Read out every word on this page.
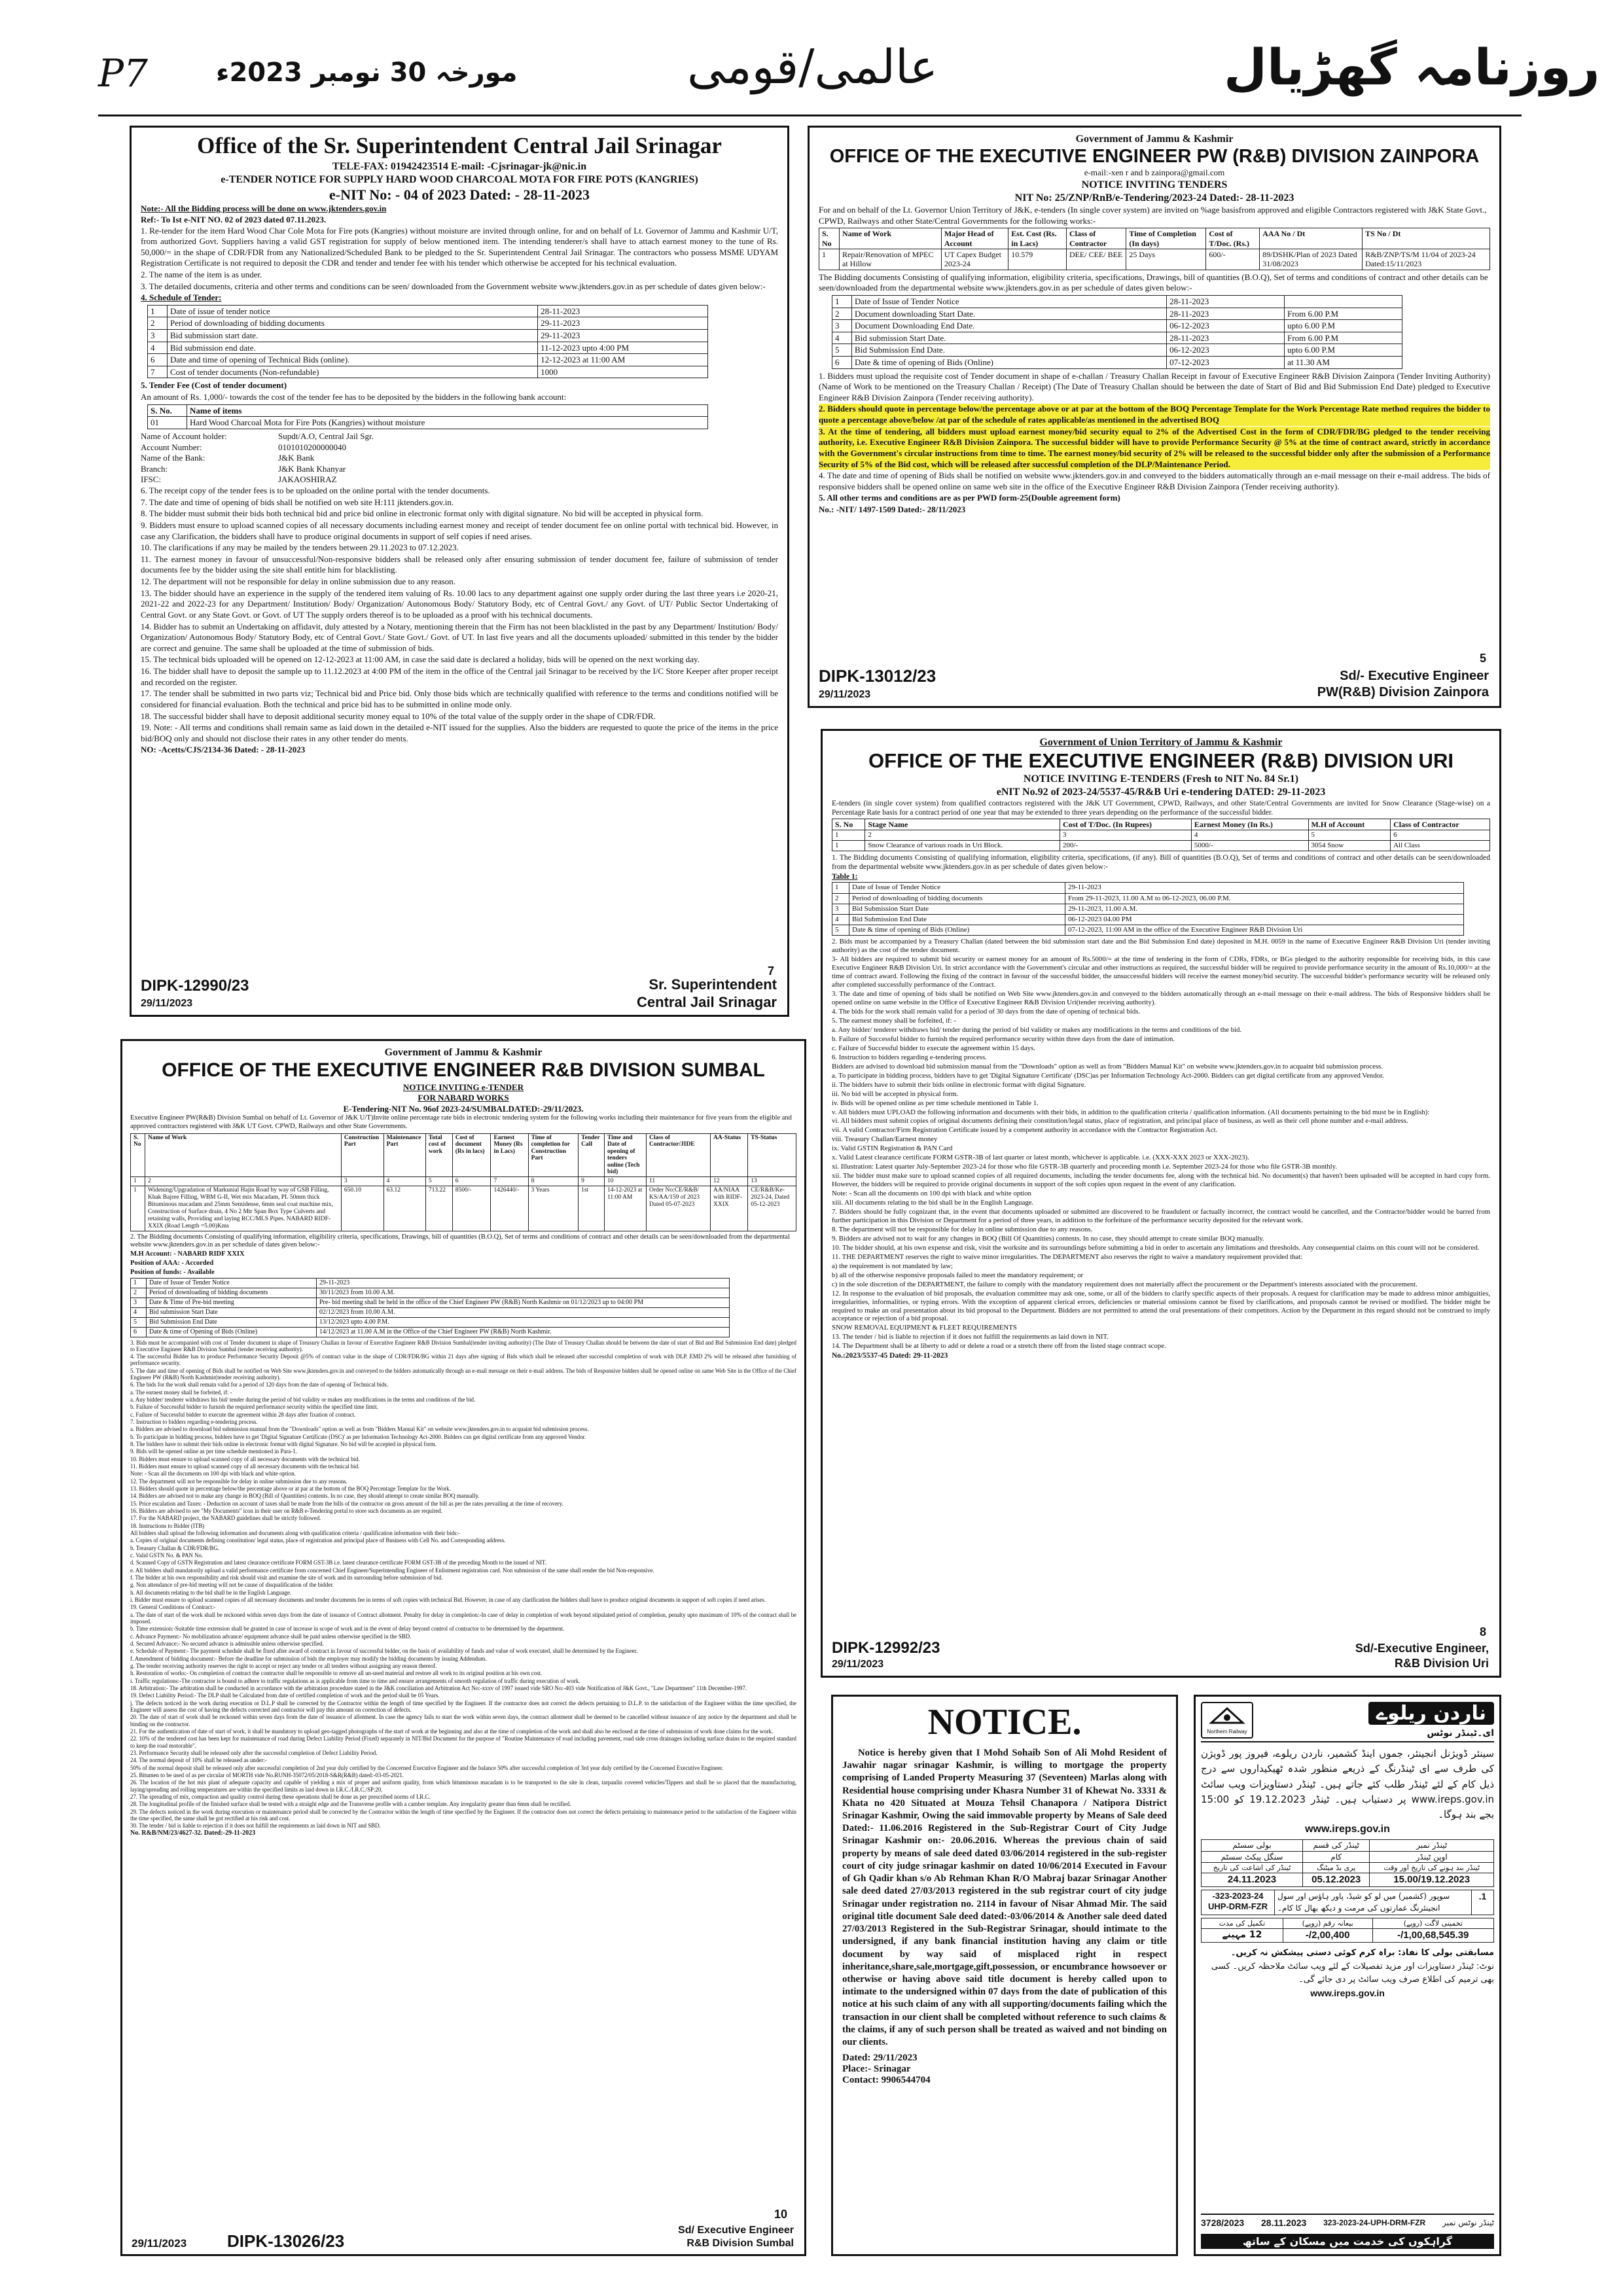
P7	مورخہ 30 نومبر 2023ء	عالمی/قومی	روزنامہ گھڑیال
Office of the Sr. Superintendent Central Jail Srinagar
TELE-FAX: 01942423514 E-mail: -Cjsrinagar-jk@nic.in
e-TENDER NOTICE FOR SUPPLY HARD WOOD CHARCOAL MOTA FOR FIRE POTS (KANGRIES)
e-NIT No: - 04 of 2023 Dated: - 28-11-2023
Note:- All the Bidding process will be done on www.jktenders.gov.in
Ref:- To Ist e-NIT NO. 02 of 2023 dated 07.11.2023.

1. Re-tender for the item Hard Wood Char Cole Mota for Fire pots (Kangries) without moisture are invited through online, for and on behalf of Lt. Governor of Jammu and Kashmir U/T, from authorized Govt. Suppliers having a valid GST registration for supply of below mentioned item. The intending tenderer/s shall have to attach earnest money to the tune of Rs. 50,000/= in the shape of CDR/FDR from any Nationalized/Scheduled Bank to be pledged to the Sr. Superintendent Central Jail Srinagar. The contractors who possess MSME UDYAM Registration Certificate is not required to deposit the CDR and tender and tender fee with his tender which otherwise be accepted for his technical evaluation.

2. The name of the item is as under.

3. The detailed documents, criteria and other terms and conditions can be seen/ downloaded from the Government website www.jktenders.gov.in as per schedule of dates given below:-

4. Schedule of Tender:

1	Date of issue of tender notice	28-11-2023
2	Period of downloading of bidding documents	29-11-2023
3	Bid submission start date.	29-11-2023
4	Bid submission end date.	11-12-2023 upto 4:00 PM
6	Date and time of opening of Technical Bids (online).	12-12-2023 at 11:00 AM
7	Cost of tender documents (Non-refundable)	1000

5. Tender Fee (Cost of tender document)

An amount of Rs. 1,000/- towards the cost of the tender fee has to be deposited by the bidders in the following bank account:

S. No.	Name of items
01	Hard Wood Charcoal Mota for Fire Pots (Kangries) without moisture
Name of Account holder:	Supdt/A.O, Central Jail Sgr.
Account Number:	0101010200000040
Name of the Bank:	J&K Bank
Branch:	J&K Bank Khanyar
IFSC:	JAKAOSHIRAZ

6. The receipt copy of the tender fees is to be uploaded on the online portal with the tender documents.

7. The date and time of opening of bids shall be notified on web site H:111 jktenders.gov.in.

8. The bidder must submit their bids both technical bid and price bid online in electronic format only with digital signature. No bid will be accepted in physical form.

9. Bidders must ensure to upload scanned copies of all necessary documents including earnest money and receipt of tender document fee on online portal with technical bid. However, in case any Clarification, the bidders shall have to produce original documents in support of self copies if need arises.

10. The clarifications if any may be mailed by the tenders between 29.11.2023 to 07.12.2023.

11. The earnest money in favour of unsuccessful/Non-responsive bidders shall be released only after ensuring submission of tender document fee, failure of submission of tender documents fee by the bidder using the site shall entitle him for blacklisting.

12. The department will not be responsible for delay in online submission due to any reason.

13. The bidder should have an experience in the supply of the tendered item valuing of Rs. 10.00 lacs to any department against one supply order during the last three years i.e 2020-21, 2021-22 and 2022-23 for any Department/ Institution/ Body/ Organization/ Autonomous Body/ Statutory Body, etc of Central Govt./ any Govt. of UT/ Public Sector Undertaking of Central Govt. or any State Govt. or Govt. of UT The supply orders thereof is to be uploaded as a proof with his technical documents.

14. Bidder has to submit an Undertaking on affidavit, duly attested by a Notary, mentioning therein that the Firm has not been blacklisted in the past by any Department/ Institution/ Body/ Organization/ Autonomous Body/ Statutory Body, etc of Central Govt./ State Govt./ Govt. of UT. In last five years and all the documents uploaded/ submitted in this tender by the bidder are correct and genuine. The same shall be uploaded at the time of submission of bids.

15. The technical bids uploaded will be opened on 12-12-2023 at 11:00 AM, in case the said date is declared a holiday, bids will be opened on the next working day.

16. The bidder shall have to deposit the sample up to 11.12.2023 at 4:00 PM of the item in the office of the Central jail Srinagar to be received by the I/C Store Keeper after proper receipt and recorded on the register.

17. The tender shall be submitted in two parts viz; Technical bid and Price bid. Only those bids which are technically qualified with reference to the terms and conditions notified will be considered for financial evaluation. Both the technical and price bid has to be submitted in online mode only.

18. The successful bidder shall have to deposit additional security money equal to 10% of the total value of the supply order in the shape of CDR/FDR.

19. Note: - All terms and conditions shall remain same as laid down in the detailed e-NIT issued for the supplies. Also the bidders are requested to quote the price of the items in the price bid/BOQ only and should not disclose their rates in any other tender do ments.

NO: -Acetts/CJS/2134-36 Dated: - 28-11-2023

7
DIPK-12990/23
29/11/2023
Sr. Superintendent
Central Jail Srinagar
Government of Jammu & Kashmir
OFFICE OF THE EXECUTIVE ENGINEER PW (R&B) DIVISION ZAINPORA
e-mail:-xen r and b zainpora@gmail.com
NOTICE INVITING TENDERS
NIT No: 25/ZNP/RnB/e-Tendering/2023-24 Dated:- 28-11-2023

For and on behalf of the Lt. Governor Union Territory of J&K, e-tenders (In single cover system) are invited on %age basisfrom approved and eligible Contractors registered with J&K State Govt., CPWD, Railways and other State/Central Governments for the following works:-

S. No	Name of Work	Major Head of Account	Est. Cost (Rs. in Lacs)	Class of Contractor	Time of Completion (In days)	Cost of T/Doc. (Rs.)	AAA No / Dt	TS No / Dt
1	Repair/Renovation of MPEC at Hillow	UT Capex Budget 2023-24	10.579	DEE/ CEE/ BEE	25 Days	600/-	89/DSHK/Plan of 2023 Dated 31/08/2023	R&B/ZNP/TS/M 11/04 of 2023-24 Dated:15/11/2023

The Bidding documents Consisting of qualifying information, eligibility criteria, specifications, Drawings, bill of quantities (B.O.Q), Set of terms and conditions of contract and other details can be seen/downloaded from the departmental website www.jktenders.gov.in as per schedule of dates given below:-

1	Date of Issue of Tender Notice	28-11-2023	
2	Document downloading Start Date.	28-11-2023	From 6.00 P.M
3	Document Downloading End Date.	06-12-2023	upto 6.00 P.M
4	Bid submission Start Date.	28-11-2023	From 6.00 P.M
5	Bid Submission End Date.	06-12-2023	upto 6.00 P.M
6	Date & time of opening of Bids (Online)	07-12-2023	at 11.30 AM

1. Bidders must upload the requisite cost of Tender document in shape of e-challan / Treasury Challan Receipt in favour of Executive Engineer R&B Division Zainpora (Tender Inviting Authority) (Name of Work to be mentioned on the Treasury Challan / Receipt) (The Date of Treasury Challan should be between the date of Start of Bid and Bid Submission End Date) pledged to Executive Engineer R&B Division Zainpora (Tender receiving authority).

2. Bidders should quote in percentage below/the percentage above or at par at the bottom of the BOQ Percentage Template for the Work Percentage Rate method requires the bidder to quote a percentage above/below /at par of the schedule of rates applicable/as mentioned in the advertised BOQ

3. At the time of tendering, all bidders must upload earnest money/bid security equal to 2% of the Advertised Cost in the form of CDR/FDR/BG pledged to the tender receiving authority, i.e. Executive Engineer R&B Division Zainpora. The successful bidder will have to provide Performance Security @ 5% at the time of contract award, strictly in accordance with the Government's circular instructions from time to time. The earnest money/bid security of 2% will be released to the successful bidder only after the submission of a Performance Security of 5% of the Bid cost, which will be released after successful completion of the DLP/Maintenance Period.

4. The date and time of opening of Bids shall be notified on website www.jktenders.gov.in and conveyed to the bidders automatically through an e-mail message on their e-mail address. The bids of responsive bidders shall be opened online on same web site in the office of the Executive Engineer R&B Division Zainpora (Tender receiving authority).

5. All other terms and conditions are as per PWD form-25(Double agreement form)

No.: -NIT/ 1497-1509 Dated:- 28/11/2023

5
DIPK-13012/23
29/11/2023
Sd/- Executive Engineer
PW(R&B) Division Zainpora
Government of Union Territory of Jammu & Kashmir
OFFICE OF THE EXECUTIVE ENGINEER (R&B) DIVISION URI
NOTICE INVITING E-TENDERS (Fresh to NIT No. 84 Sr.1)
eNIT No.92 of 2023-24/5537-45/R&B Uri e-tendering DATED: 29-11-2023

E-tenders (in single cover system) from qualified contractors registered with the J&K UT Government, CPWD, Railways, and other State/Central Governments are invited for Snow Clearance (Stage-wise) on a Percentage Rate basis for a contract period of one year that may be extended to three years depending on the performance of the successful bidder.

S. No	Stage Name	Cost of T/Doc. (In Rupees)	Earnest Money (In Rs.)	M.H of Account	Class of Contractor
1	2	3	4	5	6
1	Snow Clearance of various roads in Uri Block.	200/-	5000/-	3054 Snow	All Class

1. The Bidding documents Consisting of qualifying information, eligibility criteria, specifications, (if any). Bill of quantities (B.O.Q), Set of terms and conditions of contract and other details can be seen/downloaded from the departmental website www.jktenders.gov.in as per schedule of dates given below:-

Table 1:

1	Date of Issue of Tender Notice	29-11-2023
2	Period of downloading of bidding documents	From 29-11-2023, 11.00 A.M to 06-12-2023, 06.00 P.M.
3	Bid Submission Start Date	29-11-2023, 11.00 A.M.
4	Bid Submission End Date	06-12-2023 04.00 PM
5	Date & time of opening of Bids (Online)	07-12-2023, 11:00 AM in the office of the Executive Engineer R&B Division Uri

2. Bids must be accompanied by a Treasury Challan (dated between the bid submission start date and the Bid Submission End date) deposited in M.H. 0059 in the name of Executive Engineer R&B Division Uri (tender inviting authority) as the cost of the tender document.

3- All bidders are required to submit bid security or earnest money for an amount of Rs.5000/= at the time of tendering in the form of CDRs, FDRs, or BGs pledged to the authority responsible for receiving bids, in this case Executive Engineer R&B Division Uri. In strict accordance with the Government's circular and other instructions as required, the successful bidder will be required to provide performance security in the amount of Rs.10,000/= at the time of contract award. Following the fixing of the contract in favour of the successful bidder, the unsuccessful bidders will receive the earnest money/bid security. The successful bidder's performance security will be released only after completed successfully performance of the Contract.

3. The date and time of opening of bids shall be notified on Web Site www.jktenders.gov.in and conveyed to the bidders automatically through an e-mail message on their e-mail address. The bids of Responsive bidders shall be opened online on same website in the Office of Executive Engineer R&B Division Uri(tender receiving authority).

4. The bids for the work shall remain valid for a period of 30 days from the date of opening of technical bids.

5. The earnest money shall be forfeited, if: -

a. Any bidder/ tenderer withdraws bid/ tender during the period of bid validity or makes any modifications in the terms and conditions of the bid.

b. Failure of Successful bidder to furnish the required performance security within three days from the date of intimation.

c. Failure of Successful bidder to execute the agreement within 15 days.

6. Instruction to bidders regarding e-tendering process.

Bidders are advised to download bid submission manual from the "Downloads" option as well as from "Bidders Manual Kit" on website www.jktenders.gov.in to acquaint bid submission process.

a. To participate in bidding process, bidders have to get 'Digital Signature Certificate' (DSC)as per Information Technology Act-2000. Bidders can get digital certificate from any approved Vendor.

ii. The bidders have to submit their bids online in electronic format with digital Signature.

iii. No bid will be accepted in physical form.

iv. Bids will be opened online as per time schedule mentioned in Table 1.

v. All bidders must UPLOAD the following information and documents with their bids, in addition to the qualification criteria / qualification information. (All documents pertaining to the bid must be in English):

vi. All bidders must submit copies of original documents defining their constitution/legal status, place of registration, and principal place of business, as well as their cell phone number and e-mail address.

vii. A valid Contractor/Firm Registration Certificate issued by a competent authority in accordance with the Contractor Registration Act.

viii. Treasury Challan/Earnest money

ix. Valid GSTIN Registration & PAN Card

x. Valid Latest clearance certificate FORM GSTR-3B of last quarter or latest month, whichever is applicable. i.e. (XXX-XXX 2023 or XXX-2023).

xi. Illustration: Latest quarter July-September 2023-24 for those who file GSTR-3B quarterly and proceeding month i.e. September 2023-24 for those who file GSTR-3B monthly.

xii. The bidder must make sure to upload scanned copies of all required documents, including the tender documents fee, along with the technical bid. No document(s) that haven't been uploaded will be accepted in hard copy form. However, the bidders will be required to provide original documents in support of the soft copies upon request in the event of any clarification.

Note: - Scan all the documents on 100 dpi with black and white option

xiii. All documents relating to the bid shall be in the English Language.

7. Bidders should be fully cognizant that, in the event that documents uploaded or submitted are discovered to be fraudulent or factually incorrect, the contract would be cancelled, and the Contractor/bidder would be barred from further participation in this Division or Department for a period of three years, in addition to the forfeiture of the performance security deposited for the relevant work.

8. The department will not be responsible for delay in online submission due to any reasons.

9. Bidders are advised not to wait for any changes in BOQ (Bill Of Quantities) contents. In no case, they should attempt to create similar BOQ manually.

10. The bidder should, at his own expense and risk, visit the worksite and its surroundings before submitting a bid in order to ascertain any limitations and thresholds. Any consequential claims on this count will not be considered.

11. THE DEPARTMENT reserves the right to waive minor irregularities. The DEPARTMENT also reserves the right to waive a mandatory requirement provided that:

a) the requirement is not mandated by law;

b) all of the otherwise responsive proposals failed to meet the mandatory requirement; or

c) in the sole discretion of the DEPARTMENT, the failure to comply with the mandatory requirement does not materially affect the procurement or the Department's interests associated with the procurement.

12. In response to the evaluation of bid proposals, the evaluation committee may ask one, some, or all of the bidders to clarify specific aspects of their proposals. A request for clarification may be made to address minor ambiguities, irregularities, informalities, or typing errors. With the exception of apparent clerical errors, deficiencies or material omissions cannot be fixed by clarifications, and proposals cannot be revised or modified. The bidder might be required to make an oral presentation about its bid proposal to the Department. Bidders are not permitted to attend the oral presentations of their competitors. Action by the Department in this regard should not be construed to imply acceptance or rejection of a bid proposal.

SNOW REMOVAL EQUIPMENT & FLEET REQUIREMENTS

13. The tender / bid is liable to rejection if it does not fulfill the requirements as laid down in NIT.

14. The Department shall be at liberty to add or delete a road or a stretch there off from the listed stage contract scope.

No.:2023/5537-45 Dated: 29-11-2023

8
DIPK-12992/23
29/11/2023
Sd/-Executive Engineer,
R&B Division Uri
Government of Jammu & Kashmir
OFFICE OF THE EXECUTIVE ENGINEER R&B DIVISION SUMBAL
NOTICE INVITING e-TENDER
FOR NABARD WORKS
E-Tendering-NIT No. 96of 2023-24/SUMBALDATED:-29/11/2023.

Executive Engineer PW(R&B) Division Sumbal on behalf of Lt. Governor of J&K U/T)Invite online percentage rate bids in electronic tendering system for the following works including their maintenance for five years from the eligible and approved contractors registered with J&K UT Govt. CPWD, Railways and other State Governments.

S. No	Name of Work	Construction Part	Maintenance Part	Total cost of work	Cost of document (Rs in lacs)	Earnest Money (Rs in Lacs)	Time of completion for Construction Part	Tender Call	Time and Date of opening of tenders online (Tech bid)	Class of Contractor/JIDE	AA-Status	TS-Status
1	2	3	4	5	6	7	8	9	10	11	12	13
1	Widening/Upgradation of Markunial Hajin Road by way of GSB Filling, Khak Bajree Filling, WBM G-II, Wet mix Macadam, PL 50mm thick Bituminous macadam and 25mm Semidense, 6mm seal coat machine mix, Construction of Surface drain, 4 No 2 Mtr Span Box Type Culverts and retaining walls, Providing and laying RCC/MLS Pipes. NABARD RIDF-XXIX (Road Length =5.00)Kms	650.10	63.12	713.22	8500/-	1426440/-	3 Years	1st	14-12-2023 at 11:00 AM	Order No:CE/R&B/ KS/AA/159 of 2023 Dated 05-07-2023	AA/NIAA with RIDF-XXIX	CE/R&B/Ke-2023-24, Dated 05-12-2023

2. The Bidding documents Consisting of qualifying information, eligibility criteria, specifications, Drawings, bill of quantities (B.O.Q), Set of terms and conditions of contract and other details can be seen/downloaded from the departmental website www.jktenders.gov.in as per schedule of dates given below:-

M.H Account: - NABARD RIDF XXIX

Position of AAA: - Accorded

Position of funds: - Available

1	Date of Issue of Tender Notice	29-11-2023
2	Period of downloading of bidding documents	30/11/2023 from 10.00 A.M.
3	Date & Time of Pre-bid meeting	Pre- bid meeting shall be held in the office of the Chief Engineer PW (R&B) North Kashmir on 01/12/2023 up to 04:00 PM
4	Bid submission Start Date	02/12/2023 from 10.00 A.M.
5	Bid Submission End Date	13/12/2023 upto 4.00 P.M.
6	Date & time of Opening of Bids (Online)	14/12/2023 at 11.00 A.M in the Office of the Chief Engineer PW (R&B) North Kashmir.

3. Bids must be accompanied with cost of Tender document in shape of Treasury Challan in favour of Executive Engineer R&B Division Sumbal(tender inviting authority) (The Date of Treasury Challan should be between the date of start of Bid and Bid Submission End date) pledged to Executive Engineer R&B Division Sumbal (tender receiving authority).

4. The successful Bidder has to produce Performance Security Deposit @5% of contract value in the shape of CDR/FDR/BG within 21 days after signing of Bids which shall be released after successful completion of work with DLP. EMD 2% will be released after furnishing of performance security.

5. The date and time of opening of Bids shall be notified on Web Site www.jktenders.gov.in and conveyed to the bidders automatically through an e-mail message on their e-mail address. The bids of Responsive bidders shall be opened online on same Web Site in the Office of the Chief Engineer PW (R&B) North Kashmir(tender receiving authority).

6. The bids for the work shall remain valid for a period of 120 days from the date of opening of Technical bids.

a. The earnest money shall be forfeited, if: -

a. Any bidder/ tenderer withdraws his bid/ tender during the period of bid validity or makes any modifications in the terms and conditions of the bid.

b. Failure of Successful bidder to furnish the required performance security within the specified time limit.

c. Failure of Successful bidder to execute the agreement within 28 days after fixation of contract.

7. Instruction to bidders regarding e-tendering process.

a. Bidders are advised to download bid submission manual from the "Downloads" option as well as from "Bidders Manual Kit" on website www.jktenders.gov.in to acquaint bid submission process.

b. To participate in bidding process, bidders have to get 'Digital Signature Certificate (DSC)' as per Information Technology Act-2000. Bidders can get digital certificate from any approved Vendor.

8. The bidders have to submit their bids online in electronic format with digital Signature. No bid will be accepted in physical form.

9. Bids will be opened online as per time schedule mentioned in Para-1.

10. Bidders must ensure to upload scanned copy of all necessary documents with the technical bid.

11. Bidders must ensure to upload scanned copy of all necessary documents with the technical bid.

Note: - Scan all the documents on 100 dpi with black and white option.

12. The department will not be responsible for delay in online submission due to any reasons.

13. Bidders should quote in percentage below/the percentage above or at par at the bottom of the BOQ Percentage Template for the Work.

14. Bidders are advised not to make any change in BOQ (Bill of Quantities) contents. In no case, they should attempt to create similar BOQ manually.

15. Price escalation and Taxes: - Deduction on account of taxes shall be made from the bills of the contractor on gross amount of the bill as per the rates prevailing at the time of recovery.

16. Bidders are advised to see "My Documents" icon in their user on R&B e-Tendering portal to store such documents as are required.

17. For the NABARD project, the NABARD guidelines shall be strictly followed.

18. Instructions to Bidder (ITB)

All bidders shall upload the following information and documents along with qualification criteria / qualification information with their bids:-

a. Copies of original documents defining constitution/ legal status, place of registration and principal place of Business with Cell No. and Corresponding address.

b. Treasury Challan & CDR/FDR/BG.

c. Valid GSTN No. & PAN No.

d. Scanned Copy of GSTN Registration and latest clearance certificate FORM GST-3B i.e. latest clearance certificate FORM GST-3B of the preceding Month to the issued of NIT.

e. All bidders shall mandatorily upload a valid performance certificate from concerned Chief Engineer/Superintending Engineer of Enlistment registration card. Non submission of the same shall render the bid Non-responsive.

f. The bidder at his own responsibility and risk should visit and examine the site of work and its surrounding before submission of bid.

g. Non attendance of pre-bid meeting will not be cause of disqualification of the bidder.

h. All documents relating to the bid shall be in the English Language.

i. Bidder must ensure to upload scanned copies of all necessary documents and tender documents fee in terms of soft copies with technical Bid. However, in case of any clarification the bidders shall have to produce original documents in support of soft copies if need arises.

19. General Conditions of Contract:-

a. The date of start of the work shall be reckoned within seven days from the date of issuance of Contract allotment. Penalty for delay in completion:-In case of delay in completion of work beyond stipulated period of completion, penalty upto maximum of 10% of the contract shall be imposed.

b. Time extension:-Suitable time extension shall be granted in case of increase in scope of work and in the event of delay beyond control of contractor to be determined by the department.

c. Advance Payment:- No mobilization advance/ equipment advance shall be paid unless otherwise specified in the SBD.

d. Secured Advance:- No secured advance is admissible unless otherwise specified.

e. Schedule of Payment:- The payment schedule shall be fixed after award of contract in favour of successful bidder, on the basis of availability of funds and value of work executed, shall be determined by the Engineer.

f. Amendment of bidding document:- Before the deadline for submission of bids the employer may modify the bidding documents by issuing Addendum.

g. The tender receiving authority reserves the right to accept or reject any tender or all tenders without assigning any reason thereof.

h. Restoration of works:- On completion of contract the contractor shall be responsible to remove all un-used material and restore all work to its original position at his own cost.

i. Traffic regulations:-The contractor is bound to adhere to traffic regulations as is applicable from time to time and ensure arrangements of smooth regulation of traffic during execution of work.

18. Arbitration:- The arbitration shall be conducted in accordance with the arbitration procedure stated in the J&K conciliation and Arbitration Act No:-xxxv of 1997 issued vide SRO No:-403 vide Notification of J&K Govt., "Law Department" 11th December-1997.

19. Defect Liability Period:- The DLP shall be Calculated from date of certified completion of work and the period shall be 05 Years.

j. The defects noticed in the work during execution or D.L.P shall be corrected by the Contractor within the length of time specified by the Engineer. If the contractor does not correct the defects pertaining to D.L.P. to the satisfaction of the Engineer within the time specified, the Engineer will assess the cost of having the defects corrected and contractor will pay this amount on correction of defects.

20. The date of start of work shall be reckoned within seven days from the date of issuance of allotment. In case the agency fails to start the work within seven days, the contract allotment shall be deemed to be cancelled without issuance of any notice by the department and shall be binding on the contractor.

21. For the authentication of date of start of work, it shall be mandatory to upload geo-tagged photographs of the start of work at the beginning and also at the time of completion of the work and shall also be enclosed at the time of submission of work done claims for the work.

22. 10% of the tendered cost has been kept for maintenance of road during Defect Liability Period (Fixed) separately in NIT/Bid Document for the purpose of "Routine Maintenance of road including pavement, road side cross drainages including surface drains to the required standard to keep the road motorable".

23. Performance Security shall be released only after the successful completion of Defect Liability Period.

24. The normal deposit of 10% shall be released as under:-

50% of the normal deposit shall be released only after successful completion of 2nd year duly certified by the Concerned Executive Engineer and the balance 50% after successful completion of 3rd year duly certified by the Concerned Executive Engineer.

25. Bitumen to be used of as per circular of MORTH vide No.RUNH-35072/05/2018-S&R(R&B) dated:-03-05-2021.

26. The location of the hot mix plant of adequate capacity and capable of yielding a mix of proper and uniform quality, from which bituminous macadam is to be transported to the site in clean, tarpaulin covered vehicles/Tippers and shall be so placed that the manufacturing, laying/spreading and rolling temperatures are within the specified limits as laid down in I.R.C./I.R.C./SP:20.

27. The spreading of mix, compaction and quality control during these operations shall be done as per prescribed norms of I.R.C.

28. The longitudinal profile of the finished surface shall be tested with a straight edge and the Transverse profile with a camber template. Any irregularity greater than 6mm shall be rectified.

29. The defects noticed in the work during execution or maintenance period shall be corrected by the Contractor within the length of time specified by the Engineer. If the contractor does not correct the defects pertaining to maintenance period to the satisfaction of the Engineer within the time specified, the same shall be got rectified at his risk and cost.

30. The tender / bid is liable to rejection if it does not fulfill the requirements as laid down in NIT and SBD.

No. R&B/NM/23/4627-32. Dated:-29-11-2023

10
29/11/2023 DIPK-13026/23
Sd/ Executive Engineer
R&B Division Sumbal
NOTICE.

Notice is hereby given that I Mohd Sohaib Son of Ali Mohd Resident of Jawahir nagar srinagar Kashmir, is willing to mortgage the property comprising of Landed Property Measuring 37 (Seventeen) Marlas along with Residential house comprising under Khasra Number 31 of Khewat No. 3331 & Khata no 420 Situated at Mouza Tehsil Chanapora / Natipora District Srinagar Kashmir, Owing the said immovable property by Means of Sale deed Dated:- 11.06.2016 Registered in the Sub-Registrar Court of City Judge Srinagar Kashmir on:- 20.06.2016. Whereas the previous chain of said property by means of sale deed dated 03/06/2014 registered in the sub-register court of city judge srinagar kashmir on dated 10/06/2014 Executed in Favour of Gh Qadir khan s/o Ab Rehman Khan R/O Mabraj bazar Srinagar Another sale deed dated 27/03/2013 registered in the sub registrar court of city judge Srinagar under registration no. 2114 in favour of Nisar Ahmad Mir. The said original title document Sale deed dated:-03/06/2014 & Another sale deed dated 27/03/2013 Registered in the Sub-Registrar Srinagar, should intimate to the undersigned, if any bank financial institution having any claim or title document by way said of misplaced right in respect inheritance,share,sale,mortgage,gift,possession, or encumbrance howsoever or otherwise or having above said title document is hereby called upon to intimate to the undersigned within 07 days from the date of publication of this notice at his such claim of any with all supporting/documents failing which the transaction in our client shall be completed without reference to such claims & the claims, if any of such person shall be treated as waived and not binding on our clients.

Dated: 29/11/2023
Place:- Srinagar
Contact: 9906544704
Northern Railway
ناردن ریلوے
ای۔ٹینڈر نوٹس

سینئر ڈویژنل انجینئر، جموں اینڈ کشمیر، ناردن ریلوے، فیروز پور ڈویژن کی طرف سے ای ٹینڈرنگ کے ذریعے منظور شدہ ٹھیکیداروں سے درج ذیل کام کے لئے ٹینڈر طلب کئے جاتے ہیں۔ ٹینڈر دستاویزات ویب سائٹ www.ireps.gov.in پر دستیاب ہیں۔ ٹینڈر 19.12.2023 کو 15:00 بجے بند ہوگا۔

www.ireps.gov.in
ٹینڈر نمبر	ٹینڈر کی قسم	بولی سسٹم
اوپن ٹینڈر	کام	سنگل پیکٹ سسٹم
ٹینڈر بند ہونے کی تاریخ اور وقت	پری بڈ میٹنگ	ٹینڈر کی اشاعت کی تاریخ
15.00/19.12.2023	05.12.2023	24.11.2023
1.	سوپور (کشمیر) میں لو کو شیڈ، پاور ہاؤس اور سول انجینئرنگ عمارتوں کی مرمت و دیکھ بھال کا کام۔	323-2023-24-UHP-DRM-FZR
تخمینی لاگت (روپے)	بیعانہ رقم (روپے)	تکمیل کی مدت
1,00,68,545.39/-	2,00,400/-	12 مہینے

مسابقتی بولی کا نفاذ: براہ کرم کوئی دستی پیشکش نہ کریں۔

نوٹ: ٹینڈر دستاویزات اور مزید تفصیلات کے لئے ویب سائٹ ملاحظہ کریں۔ کسی بھی ترمیم کی اطلاع صرف ویب سائٹ پر دی جائے گی۔

www.ireps.gov.in
3728/2023 28.11.2023 323-2023-24-UPH-DRM-FZR ٹینڈر نوٹس نمبر
گراہکوں کی خدمت میں مسکان کے ساتھ
